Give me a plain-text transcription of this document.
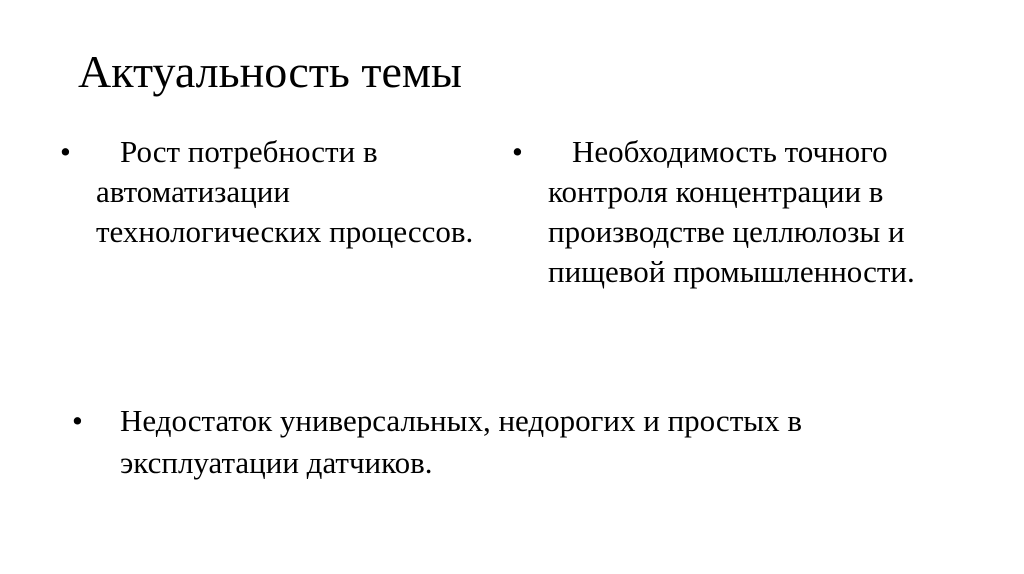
Актуальность темы

•	Рост потребности в автоматизации технологических процессов.

•	Необходимость точного контроля концентрации в производстве целлюлозы и пищевой промышленности.

• Недостаток универсальных, недорогих и простых в эксплуатации датчиков.
